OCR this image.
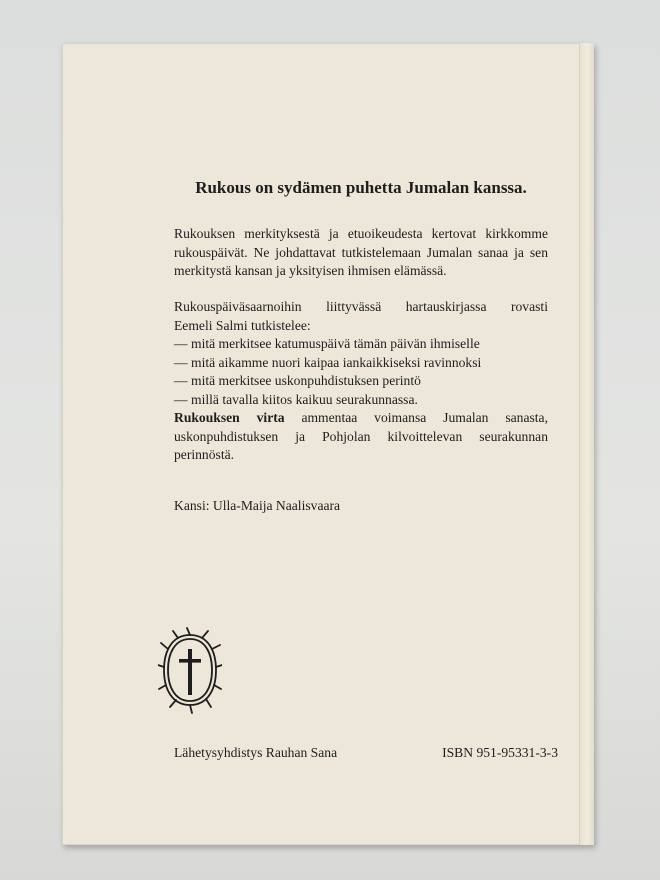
Rukous on sydämen puhetta Jumalan kanssa.

Rukouksen merkityksestä ja etuoikeudesta kertovat kirkkomme rukouspäivät. Ne johdattavat tutkistelemaan Jumalan sanaa ja sen merkitystä kansan ja yksityisen ihmisen elämässä.

Rukouspäiväsaarnoihin liittyvässä hartauskirjassa rovasti
Eemeli Salmi tutkistelee:
— mitä merkitsee katumuspäivä tämän päivän ihmiselle
— mitä aikamme nuori kaipaa iankaikkiseksi ravinnoksi
— mitä merkitsee uskonpuhdistuksen perintö
— millä tavalla kiitos kaikuu seurakunnassa.

Rukouksen virta ammentaa voimansa Jumalan sanasta, uskonpuhdistuksen ja Pohjolan kilvoittelevan seurakunnan perinnöstä.

Kansi: Ulla-Maija Naalisvaara
Lähetysyhdistys Rauhan Sana	ISBN 951-95331-3-3
